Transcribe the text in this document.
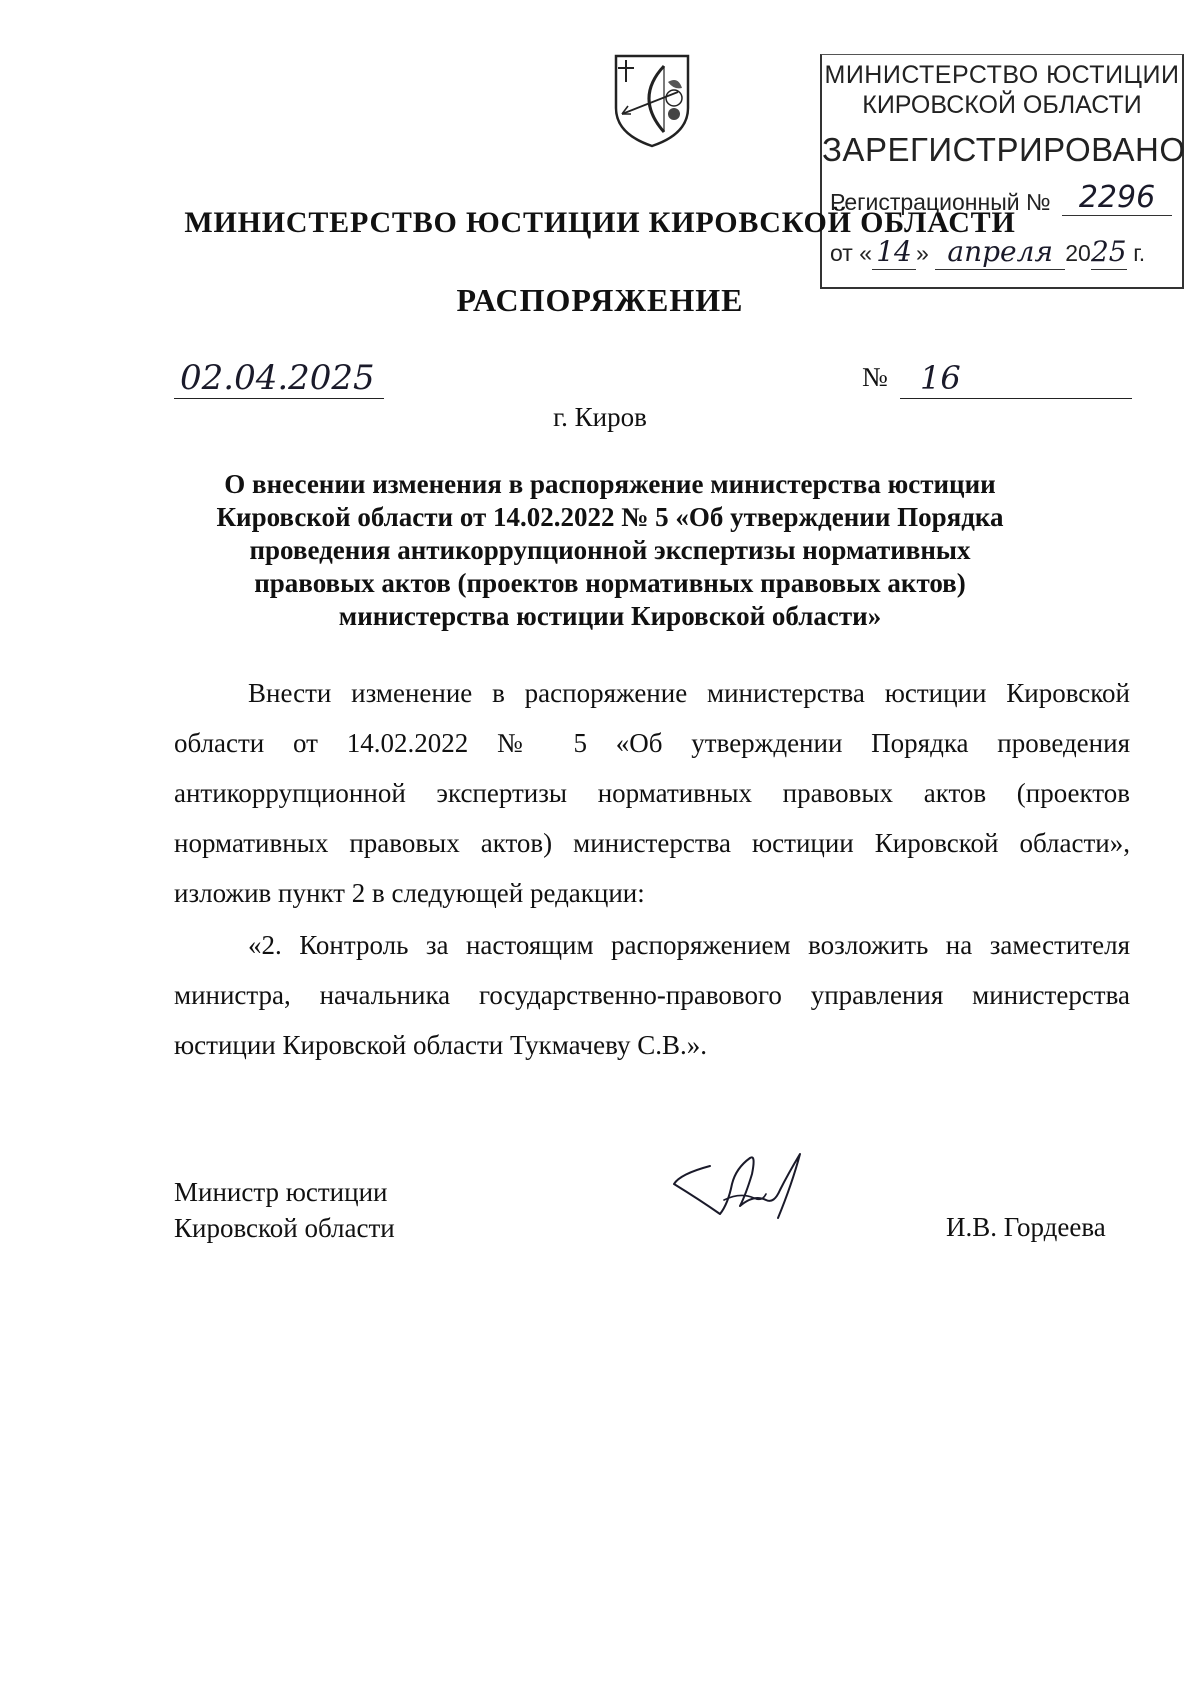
МИНИСТЕРСТВО ЮСТИЦИИ
КИРОВСКОЙ ОБЛАСТИ
ЗАРЕГИСТРИРОВАНО
Регистрационный № 2296
от « 14 » апреля 2025 г.
МИНИСТЕРСТВО ЮСТИЦИИ КИРОВСКОЙ ОБЛАСТИ
РАСПОРЯЖЕНИЕ
02.04.2025	№	16
г. Киров
О внесении изменения в распоряжение министерства юстиции Кировской области от 14.02.2022 № 5 «Об утверждении Порядка проведения антикоррупционной экспертизы нормативных правовых актов (проектов нормативных правовых актов) министерства юстиции Кировской области»
Внести изменение в распоряжение министерства юстиции Кировской области от 14.02.2022 № 5 «Об утверждении Порядка проведения антикоррупционной экспертизы нормативных правовых актов (проектов нормативных правовых актов) министерства юстиции Кировской области», изложив пункт 2 в следующей редакции:
«2. Контроль за настоящим распоряжением возложить на заместителя министра, начальника государственно-правового управления министерства юстиции Кировской области Тукмачеву С.В.».
Министр юстиции
Кировской области	И.В. Гордеева
